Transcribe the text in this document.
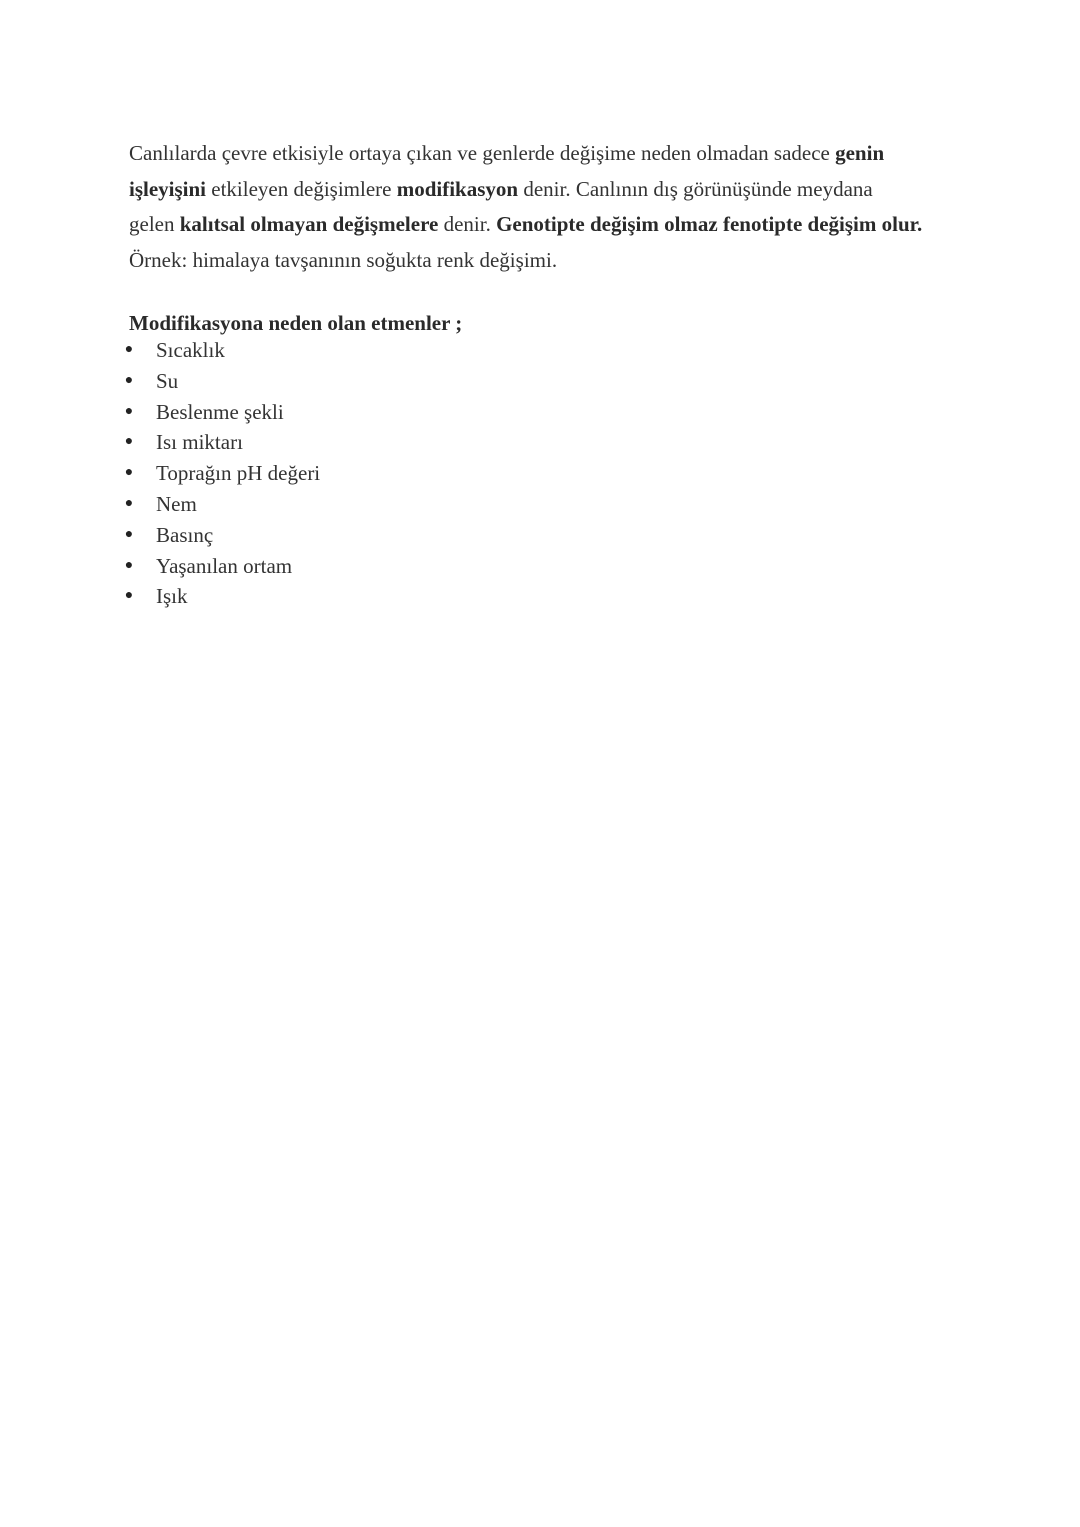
Canlılarda çevre etkisiyle ortaya çıkan ve genlerde değişime neden olmadan sadece genin
işleyişini etkileyen değişimlere modifikasyon denir. Canlının dış görünüşünde meydana
gelen kalıtsal olmayan değişmelere denir. Genotipte değişim olmaz fenotipte değişim olur.
Örnek: himalaya tavşanının soğukta renk değişimi.
Modifikasyona neden olan etmenler ;
● Sıcaklık
● Su
● Beslenme şekli
● Isı miktarı
● Toprağın pH değeri
● Nem
● Basınç
● Yaşanılan ortam
● Işık
